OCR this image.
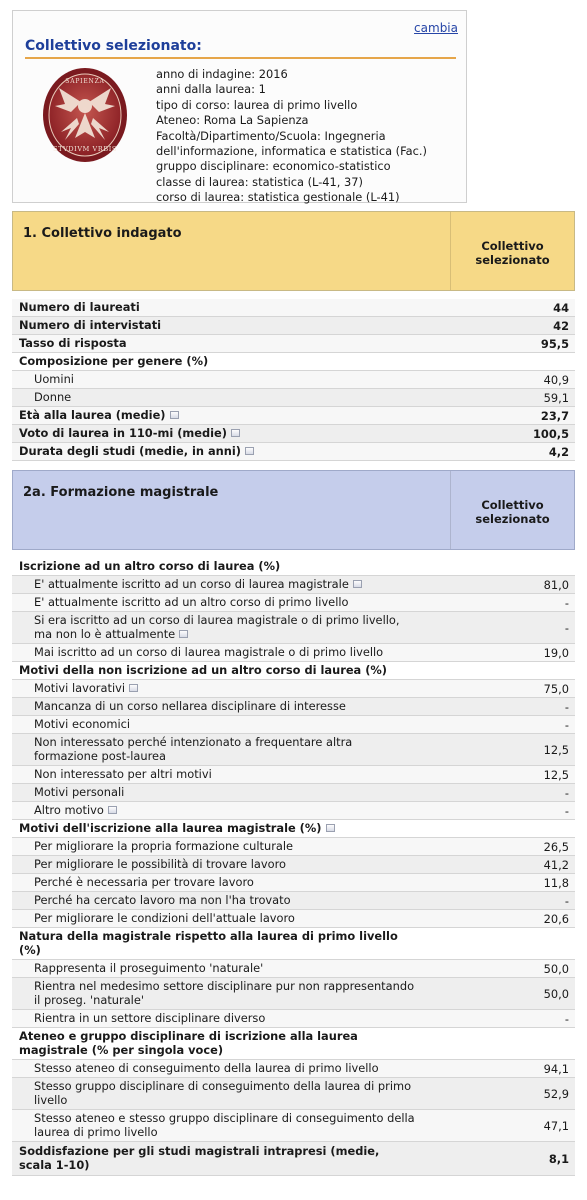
cambia
Collettivo selezionato:
STVDIVM VRBIS
SAPIENZA
anno di indagine: 2016
anni dalla laurea: 1
tipo di corso: laurea di primo livello
Ateneo: Roma La Sapienza
Facoltà/Dipartimento/Scuola: Ingegneria
dell'informazione, informatica e statistica (Fac.)
gruppo disciplinare: economico-statistico
classe di laurea: statistica (L-41, 37)
corso di laurea: statistica gestionale (L-41)
1. Collettivo indagato
Collettivo
selezionato
Numero di laureati	44
Numero di intervistati	42
Tasso di risposta	95,5
Composizione per genere (%)
Uomini	40,9
Donne	59,1
Età alla laurea (medie)	23,7
Voto di laurea in 110-mi (medie)	100,5
Durata degli studi (medie, in anni)	4,2
2a. Formazione magistrale
Collettivo
selezionato
Iscrizione ad un altro corso di laurea (%)
E' attualmente iscritto ad un corso di laurea magistrale	81,0
E' attualmente iscritto ad un altro corso di primo livello	-
Si era iscritto ad un corso di laurea magistrale o di primo livello,
ma non lo è attualmente	-
Mai iscritto ad un corso di laurea magistrale o di primo livello	19,0
Motivi della non iscrizione ad un altro corso di laurea (%)
Motivi lavorativi	75,0
Mancanza di un corso nellarea disciplinare di interesse	-
Motivi economici	-
Non interessato perché intenzionato a frequentare altra
formazione post-laurea	12,5
Non interessato per altri motivi	12,5
Motivi personali	-
Altro motivo	-
Motivi dell'iscrizione alla laurea magistrale (%)
Per migliorare la propria formazione culturale	26,5
Per migliorare le possibilità di trovare lavoro	41,2
Perché è necessaria per trovare lavoro	11,8
Perché ha cercato lavoro ma non l'ha trovato	-
Per migliorare le condizioni dell'attuale lavoro	20,6
Natura della magistrale rispetto alla laurea di primo livello
(%)
Rappresenta il proseguimento 'naturale'	50,0
Rientra nel medesimo settore disciplinare pur non rappresentando
il proseg. 'naturale'	50,0
Rientra in un settore disciplinare diverso	-
Ateneo e gruppo disciplinare di iscrizione alla laurea
magistrale (% per singola voce)
Stesso ateneo di conseguimento della laurea di primo livello	94,1
Stesso gruppo disciplinare di conseguimento della laurea di primo
livello	52,9
Stesso ateneo e stesso gruppo disciplinare di conseguimento della
laurea di primo livello	47,1
Soddisfazione per gli studi magistrali intrapresi (medie,
scala 1-10)	8,1
